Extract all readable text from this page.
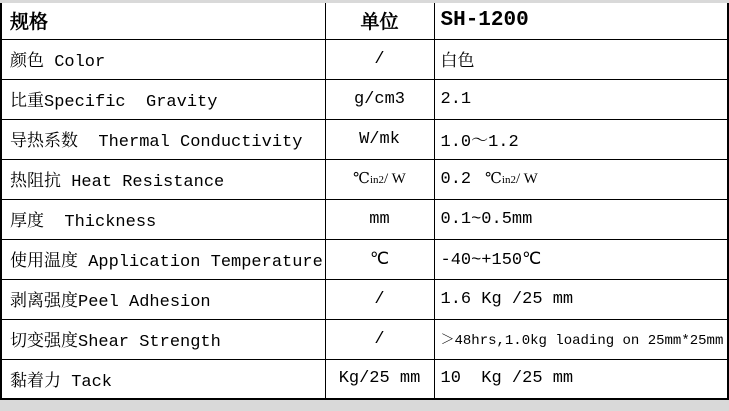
规格	单位	SH-1200
颜色 Color	/	白色
比重Specific  Gravity	g/cm3	2.1
导热系数  Thermal Conductivity	W/mk	1.0～1.2
热阻抗 Heat Resistance	℃in2/ W	0.2 ℃in2/ W
厚度  Thickness	mm	0.1~0.5mm
使用温度 Application Temperature	℃	-40~+150℃
剥离强度Peel Adhesion	/	1.6 Kg /25 mm
切变强度Shear Strength	/	＞48hrs,1.0kg loading on 25mm*25mm
黏着力 Tack	Kg/25 mm	10  Kg /25 mm
